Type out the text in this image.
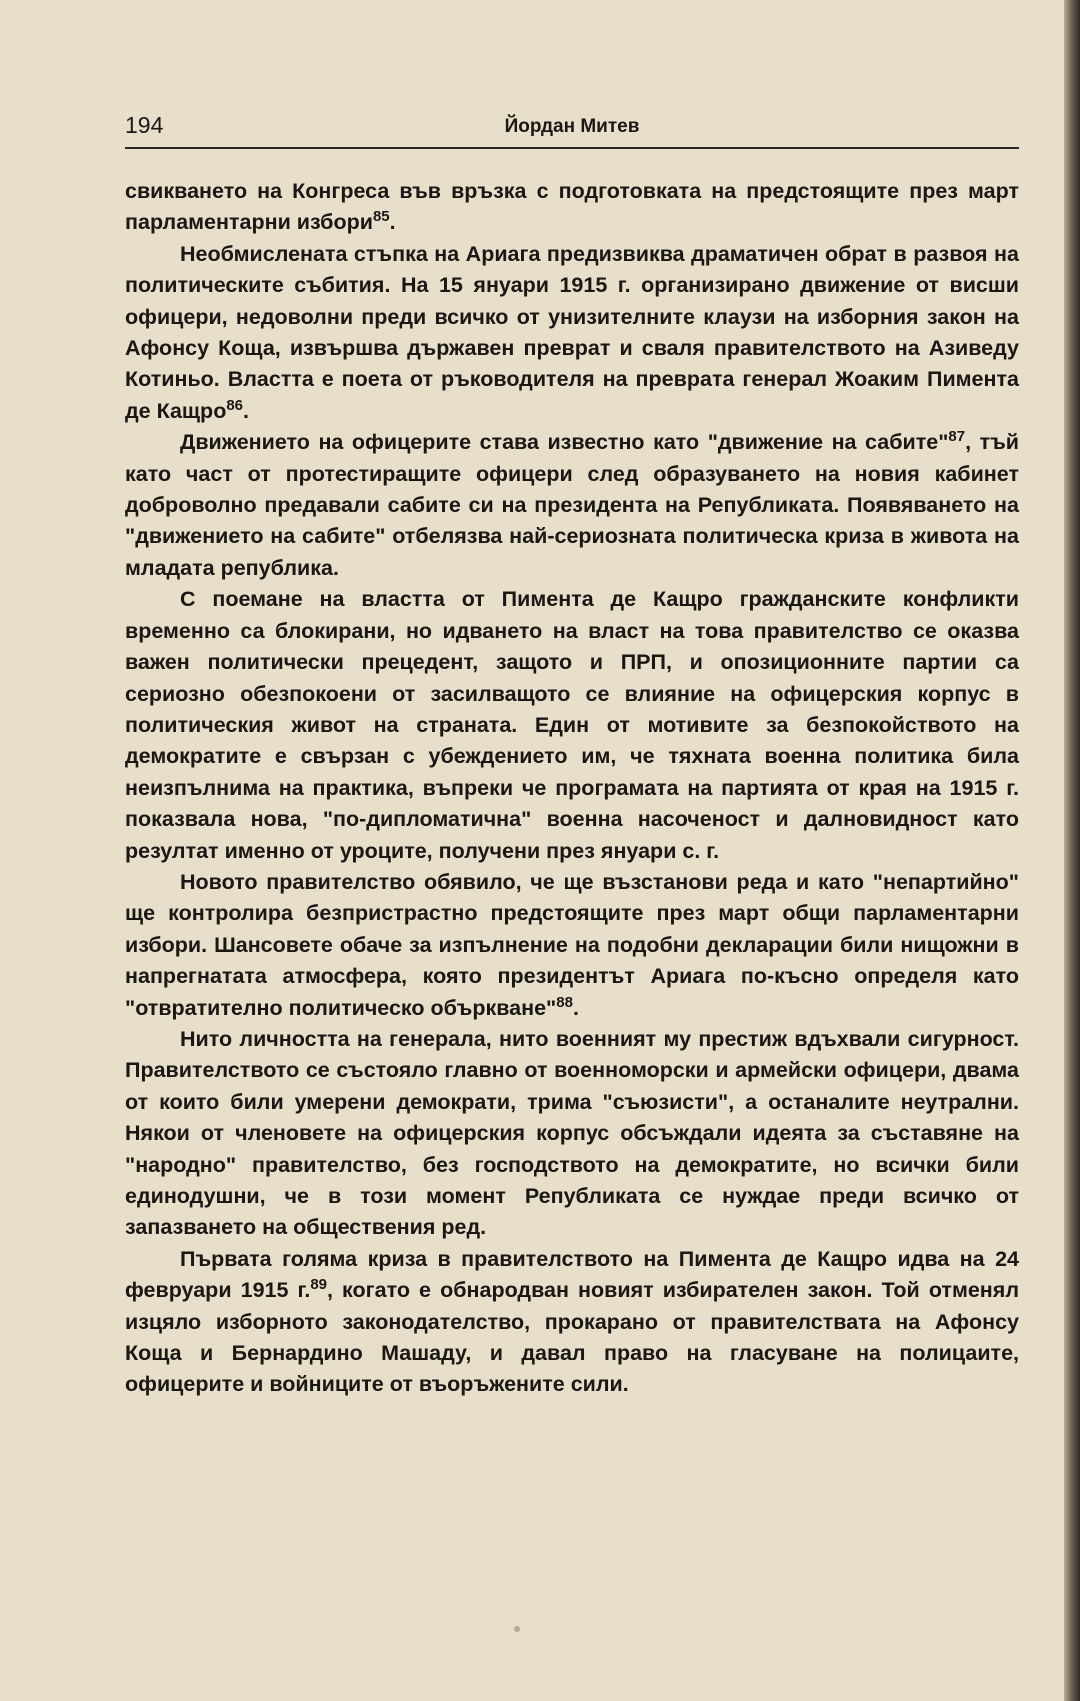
194	Йордан Митев

свикването на Конгреса във връзка с подготовката на предстоящите през март парламентарни избори$^{85}$.

Необмислената стъпка на Ариага предизвиква драматичен обрат в развоя на политическите събития. На 15 януари 1915 г. организирано движение от висши офицери, недоволни преди всичко от унизителните клаузи на изборния закон на Афонсу Коща, извършва държавен преврат и сваля правителството на Азиведу Котиньо. Властта е поета от ръководителя на преврата генерал Жоаким Пимента де Кащро$^{86}$.

Движението на офицерите става известно като "движение на сабите"$^{87}$, тъй като част от протестиращите офицери след образуването на новия кабинет доброволно предавали сабите си на президента на Републиката. Появяването на "движението на сабите" отбелязва най-сериозната политическа криза в живота на младата република.

С поемане на властта от Пимента де Кащро гражданските конфликти временно са блокирани, но идването на власт на това правителство се оказва важен политически прецедент, защото и ПРП, и опозиционните партии са сериозно обезпокоени от засилващото се влияние на офицерския корпус в политическия живот на страната. Един от мотивите за безпокойството на демократите е свързан с убеждението им, че тяхната военна политика била неизпълнима на практика, въпреки че програмата на партията от края на 1915 г. показвала нова, "по-дипломатична" военна насоченост и далновидност като резултат именно от уроците, получени през януари с. г.

Новото правителство обявило, че ще възстанови реда и като "непартийно" ще контролира безпристрастно предстоящите през март общи парламентарни избори. Шансовете обаче за изпълнение на подобни декларации били нищожни в напрегнатата атмосфера, която президентът Ариага по-късно определя като "отвратително политическо объркване"$^{88}$.

Нито личността на генерала, нито военният му престиж вдъхвали сигурност. Правителството се състояло главно от военноморски и армейски офицери, двама от които били умерени демократи, трима "съюзисти", а останалите неутрални. Някои от членовете на офицерския корпус обсъждали идеята за съставяне на "народно" правителство, без господството на демократите, но всички били единодушни, че в този момент Републиката се нуждае преди всичко от запазването на обществения ред.

Първата голяма криза в правителството на Пимента де Кащро идва на 24 февруари 1915 г.$^{89}$, когато е обнародван новият избирателен закон. Той отменял изцяло изборното законодателство, прокарано от правителствата на Афонсу Коща и Бернардино Машаду, и давал право на гласуване на полицаите, офицерите и войниците от въоръжените сили.
